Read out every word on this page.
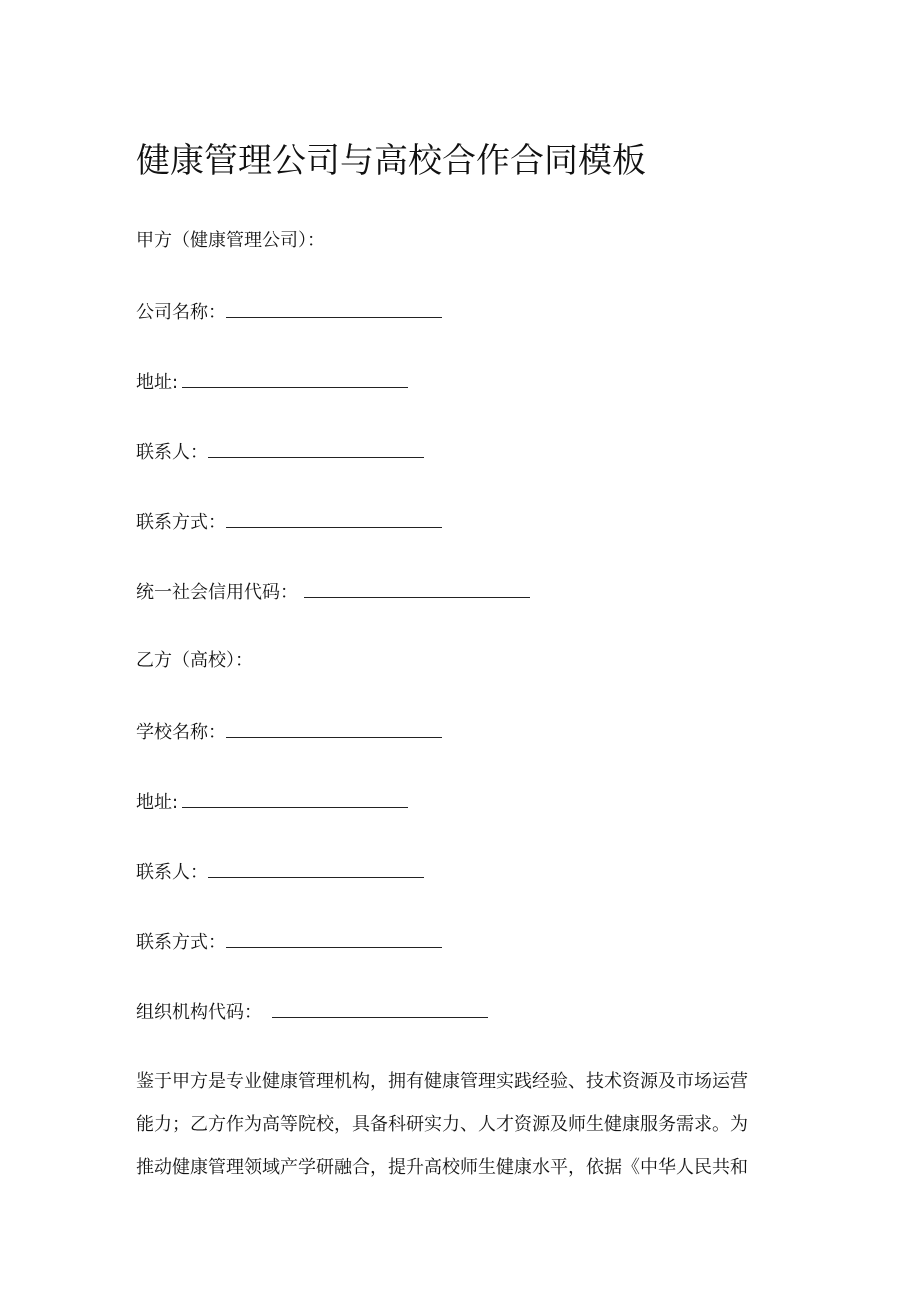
健康管理公司与高校合作合同模板
甲方（健康管理公司）：
公司名称：
地址:
联系人：
联系方式：
统一社会信用代码：
乙方（高校）：
学校名称：
地址:
联系人：
联系方式：
组织机构代码：
鉴于甲方是专业健康管理机构，拥有健康管理实践经验、技术资源及市场运营
能力；乙方作为高等院校，具备科研实力、人才资源及师生健康服务需求。为
推动健康管理领域产学研融合，提升高校师生健康水平，依据《中华人民共和
